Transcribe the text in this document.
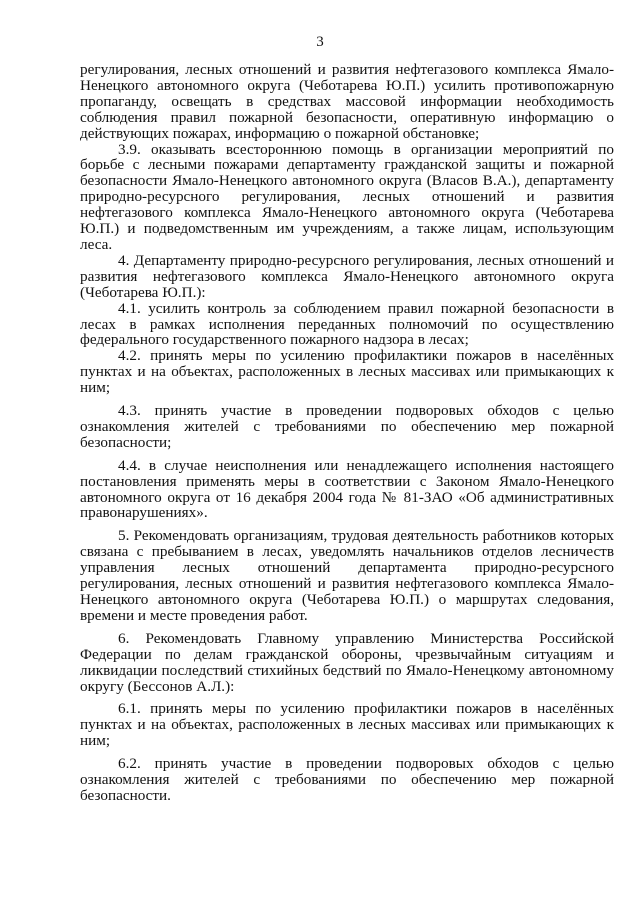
3

регулирования, лесных отношений и развития нефтегазового комплекса Ямало-Ненецкого автономного округа (Чеботарева Ю.П.) усилить противопожарную пропаганду, освещать в средствах массовой информации необходимость соблюдения правил пожарной безопасности, оперативную информацию о действующих пожарах, информацию о пожарной обстановке;

3.9. оказывать всестороннюю помощь в организации мероприятий по борьбе с лесными пожарами департаменту гражданской защиты и пожарной безопасности Ямало-Ненецкого автономного округа (Власов В.А.), департаменту природно-ресурсного регулирования, лесных отношений и развития нефтегазового комплекса Ямало-Ненецкого автономного округа (Чеботарева Ю.П.) и подведомственным им учреждениям, а также лицам, использующим леса.

4. Департаменту природно-ресурсного регулирования, лесных отношений и развития нефтегазового комплекса Ямало-Ненецкого автономного округа (Чеботарева Ю.П.):

4.1. усилить контроль за соблюдением правил пожарной безопасности в лесах в рамках исполнения переданных полномочий по осуществлению федерального государственного пожарного надзора в лесах;

4.2. принять меры по усилению профилактики пожаров в населённых пунктах и на объектах, расположенных в лесных массивах или примыкающих к ним;

4.3. принять участие в проведении подворовых обходов с целью ознакомления жителей с требованиями по обеспечению мер пожарной безопасности;

4.4. в случае неисполнения или ненадлежащего исполнения настоящего постановления применять меры в соответствии с Законом Ямало-Ненецкого автономного округа от 16 декабря 2004 года № 81-ЗАО «Об административных правонарушениях».

5. Рекомендовать организациям, трудовая деятельность работников которых связана с пребыванием в лесах, уведомлять начальников отделов лесничеств управления лесных отношений департамента природно-ресурсного регулирования, лесных отношений и развития нефтегазового комплекса Ямало-Ненецкого автономного округа (Чеботарева Ю.П.) о маршрутах следования, времени и месте проведения работ.

6. Рекомендовать Главному управлению Министерства Российской Федерации по делам гражданской обороны, чрезвычайным ситуациям и ликвидации последствий стихийных бедствий по Ямало-Ненецкому автономному округу (Бессонов А.Л.):

6.1. принять меры по усилению профилактики пожаров в населённых пунктах и на объектах, расположенных в лесных массивах или примыкающих к ним;

6.2. принять участие в проведении подворовых обходов с целью ознакомления жителей с требованиями по обеспечению мер пожарной безопасности.
